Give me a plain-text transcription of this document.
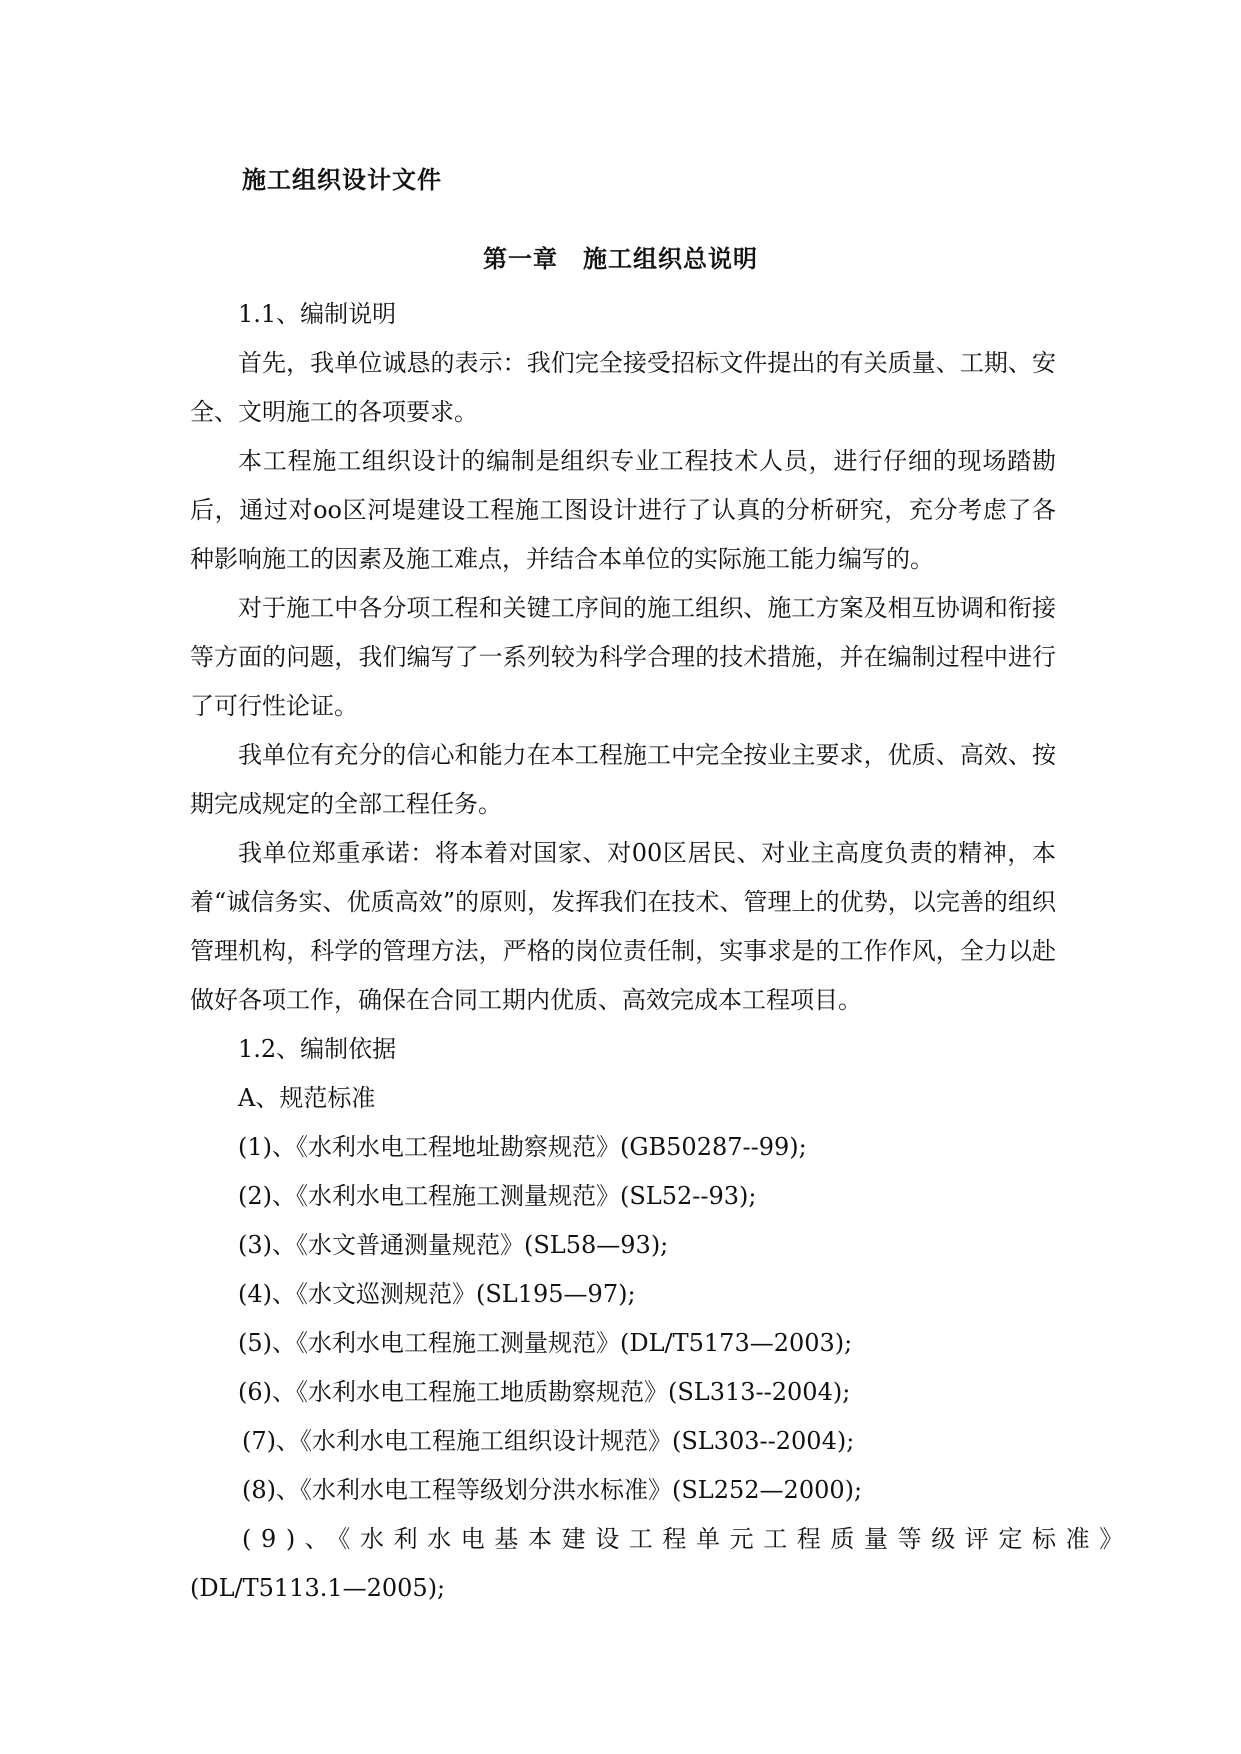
施工组织设计文件
第一章　施工组织总说明

1.1、编制说明

首先，我单位诚恳的表示：我们完全接受招标文件提出的有关质量、工期、安全、文明施工的各项要求。

本工程施工组织设计的编制是组织专业工程技术人员，进行仔细的现场踏勘后，通过对oo区河堤建设工程施工图设计进行了认真的分析研究，充分考虑了各种影响施工的因素及施工难点，并结合本单位的实际施工能力编写的。

对于施工中各分项工程和关键工序间的施工组织、施工方案及相互协调和衔接等方面的问题，我们编写了一系列较为科学合理的技术措施，并在编制过程中进行了可行性论证。

我单位有充分的信心和能力在本工程施工中完全按业主要求，优质、高效、按期完成规定的全部工程任务。

我单位郑重承诺：将本着对国家、对00区居民、对业主高度负责的精神，本着“诚信务实、优质高效”的原则，发挥我们在技术、管理上的优势，以完善的组织管理机构，科学的管理方法，严格的岗位责任制，实事求是的工作作风，全力以赴做好各项工作，确保在合同工期内优质、高效完成本工程项目。

1.2、编制依据

A、规范标准

(1)、《水利水电工程地址勘察规范》(GB50287--99);

(2)、《水利水电工程施工测量规范》(SL52--93);

(3)、《水文普通测量规范》(SL58—93);

(4)、《水文巡测规范》(SL195—97);

(5)、《水利水电工程施工测量规范》(DL/T5173—2003);

(6)、《水利水电工程施工地质勘察规范》(SL313--2004);

(7)、《水利水电工程施工组织设计规范》(SL303--2004);

(8)、《水利水电工程等级划分洪水标准》(SL252—2000);

(9)、《水利水电基本建设工程单元工程质量等级评定标准》

(DL/T5113.1—2005);
